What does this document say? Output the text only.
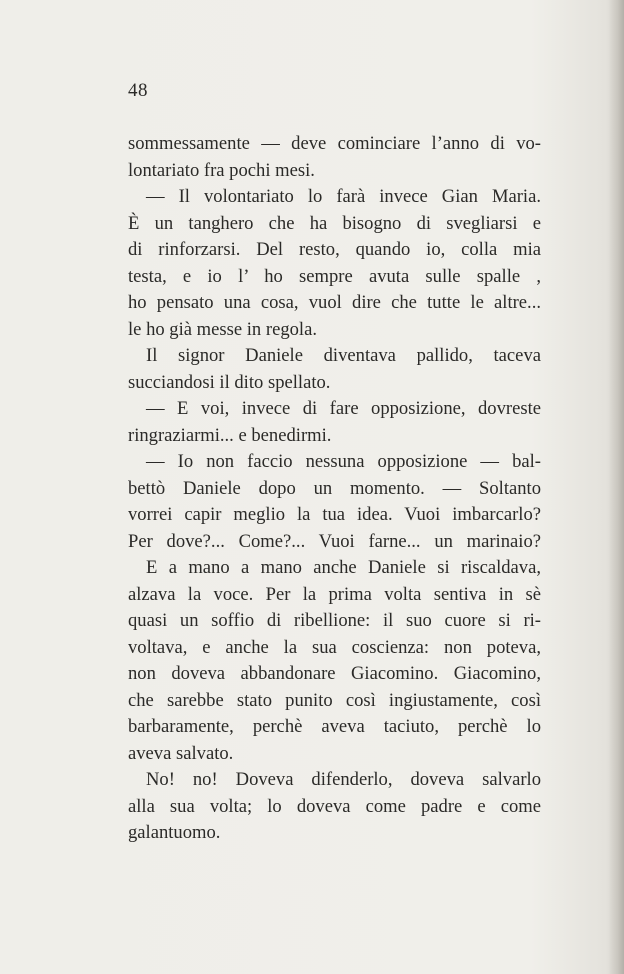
48
sommessamente — deve cominciare l’anno di vo-
lontariato fra pochi mesi.
— Il volontariato lo farà invece Gian Maria.
È un tanghero che ha bisogno di svegliarsi e
di rinforzarsi. Del resto, quando io, colla mia
testa, e io l’ ho sempre avuta sulle spalle ,
ho pensato una cosa, vuol dire che tutte le altre...
le ho già messe in regola.
Il signor Daniele diventava pallido, taceva
succiandosi il dito spellato.
— E voi, invece di fare opposizione, dovreste
ringraziarmi... e benedirmi.
— Io non faccio nessuna opposizione — bal-
bettò Daniele dopo un momento. — Soltanto
vorrei capir meglio la tua idea. Vuoi imbarcarlo?
Per dove?... Come?... Vuoi farne... un marinaio?
E a mano a mano anche Daniele si riscaldava,
alzava la voce. Per la prima volta sentiva in sè
quasi un soffio di ribellione: il suo cuore si ri-
voltava, e anche la sua coscienza: non poteva,
non doveva abbandonare Giacomino. Giacomino,
che sarebbe stato punito così ingiustamente, così
barbaramente, perchè aveva taciuto, perchè lo
aveva salvato.
No! no! Doveva difenderlo, doveva salvarlo
alla sua volta; lo doveva come padre e come
galantuomo.
